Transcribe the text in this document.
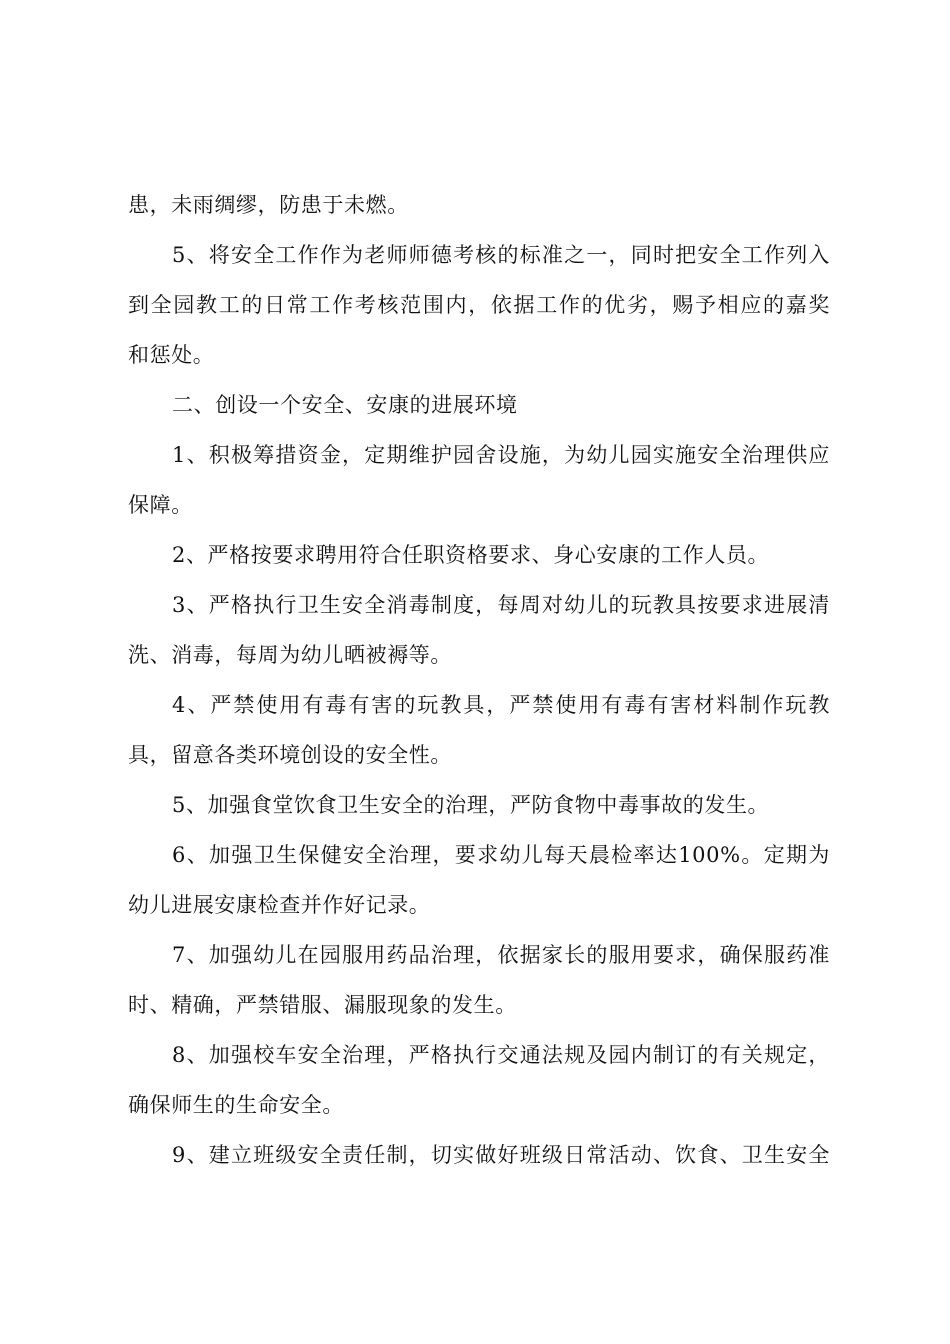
患，未雨绸缪，防患于未燃。
5、将安全工作作为老师师德考核的标准之一，同时把安全工作列入
到全园教工的日常工作考核范围内，依据工作的优劣，赐予相应的嘉奖
和惩处。
二、创设一个安全、安康的进展环境
1、积极筹措资金，定期维护园舍设施，为幼儿园实施安全治理供应
保障。
2、严格按要求聘用符合任职资格要求、身心安康的工作人员。
3、严格执行卫生安全消毒制度，每周对幼儿的玩教具按要求进展清
洗、消毒，每周为幼儿晒被褥等。
4、严禁使用有毒有害的玩教具，严禁使用有毒有害材料制作玩教
具，留意各类环境创设的安全性。
5、加强食堂饮食卫生安全的治理，严防食物中毒事故的发生。
6、加强卫生保健安全治理，要求幼儿每天晨检率达100%。定期为
幼儿进展安康检查并作好记录。
7、加强幼儿在园服用药品治理，依据家长的服用要求，确保服药准
时、精确，严禁错服、漏服现象的发生。
8、加强校车安全治理，严格执行交通法规及园内制订的有关规定，
确保师生的生命安全。
9、建立班级安全责任制，切实做好班级日常活动、饮食、卫生安全
